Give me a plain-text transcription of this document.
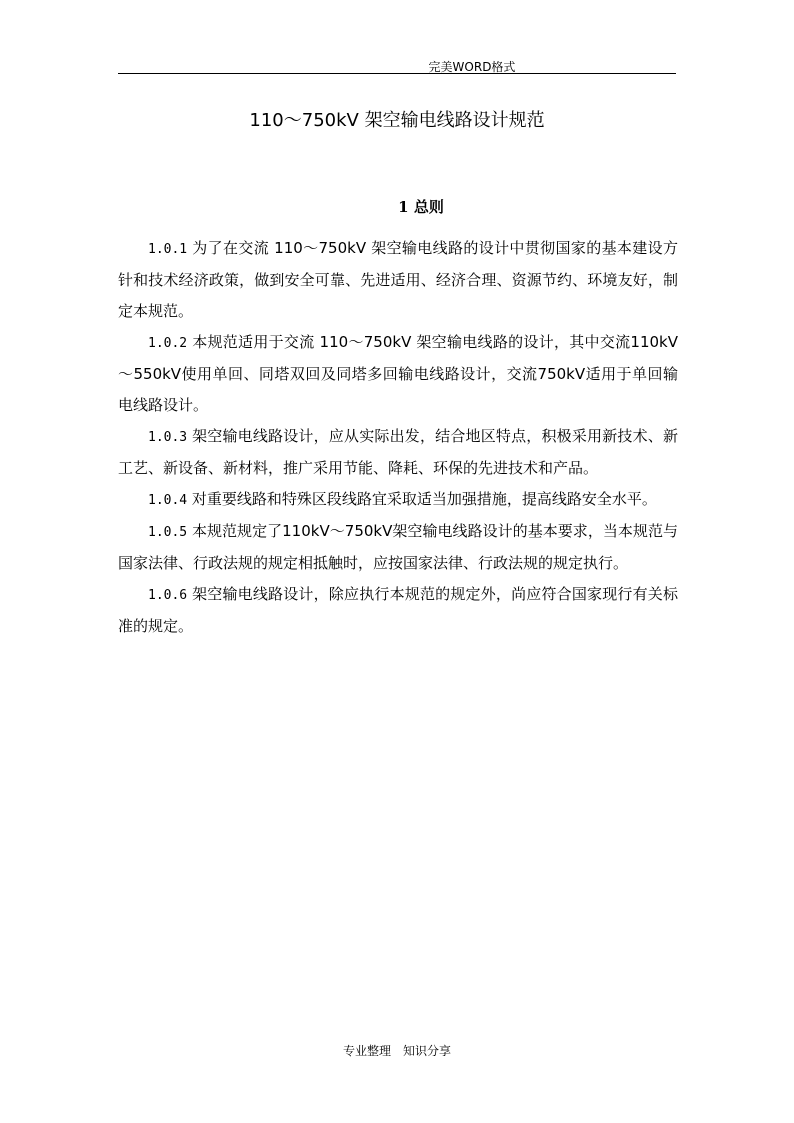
完美WORD格式
110～750kV 架空输电线路设计规范
1 总则

1.0.1 为了在交流 110～750kV 架空输电线路的设计中贯彻国家的基本建设方针和技术经济政策，做到安全可靠、先进适用、经济合理、资源节约、环境友好，制定本规范。

1.0.2 本规范适用于交流 110～750kV 架空输电线路的设计，其中交流110kV～550kV使用单回、同塔双回及同塔多回输电线路设计，交流750kV适用于单回输电线路设计。

1.0.3 架空输电线路设计，应从实际出发，结合地区特点，积极采用新技术、新工艺、新设备、新材料，推广采用节能、降耗、环保的先进技术和产品。

1.0.4 对重要线路和特殊区段线路宜采取适当加强措施，提高线路安全水平。

1.0.5 本规范规定了110kV～750kV架空输电线路设计的基本要求，当本规范与国家法律、行政法规的规定相抵触时，应按国家法律、行政法规的规定执行。

1.0.6 架空输电线路设计，除应执行本规范的规定外，尚应符合国家现行有关标准的规定。

专业整理　知识分享
